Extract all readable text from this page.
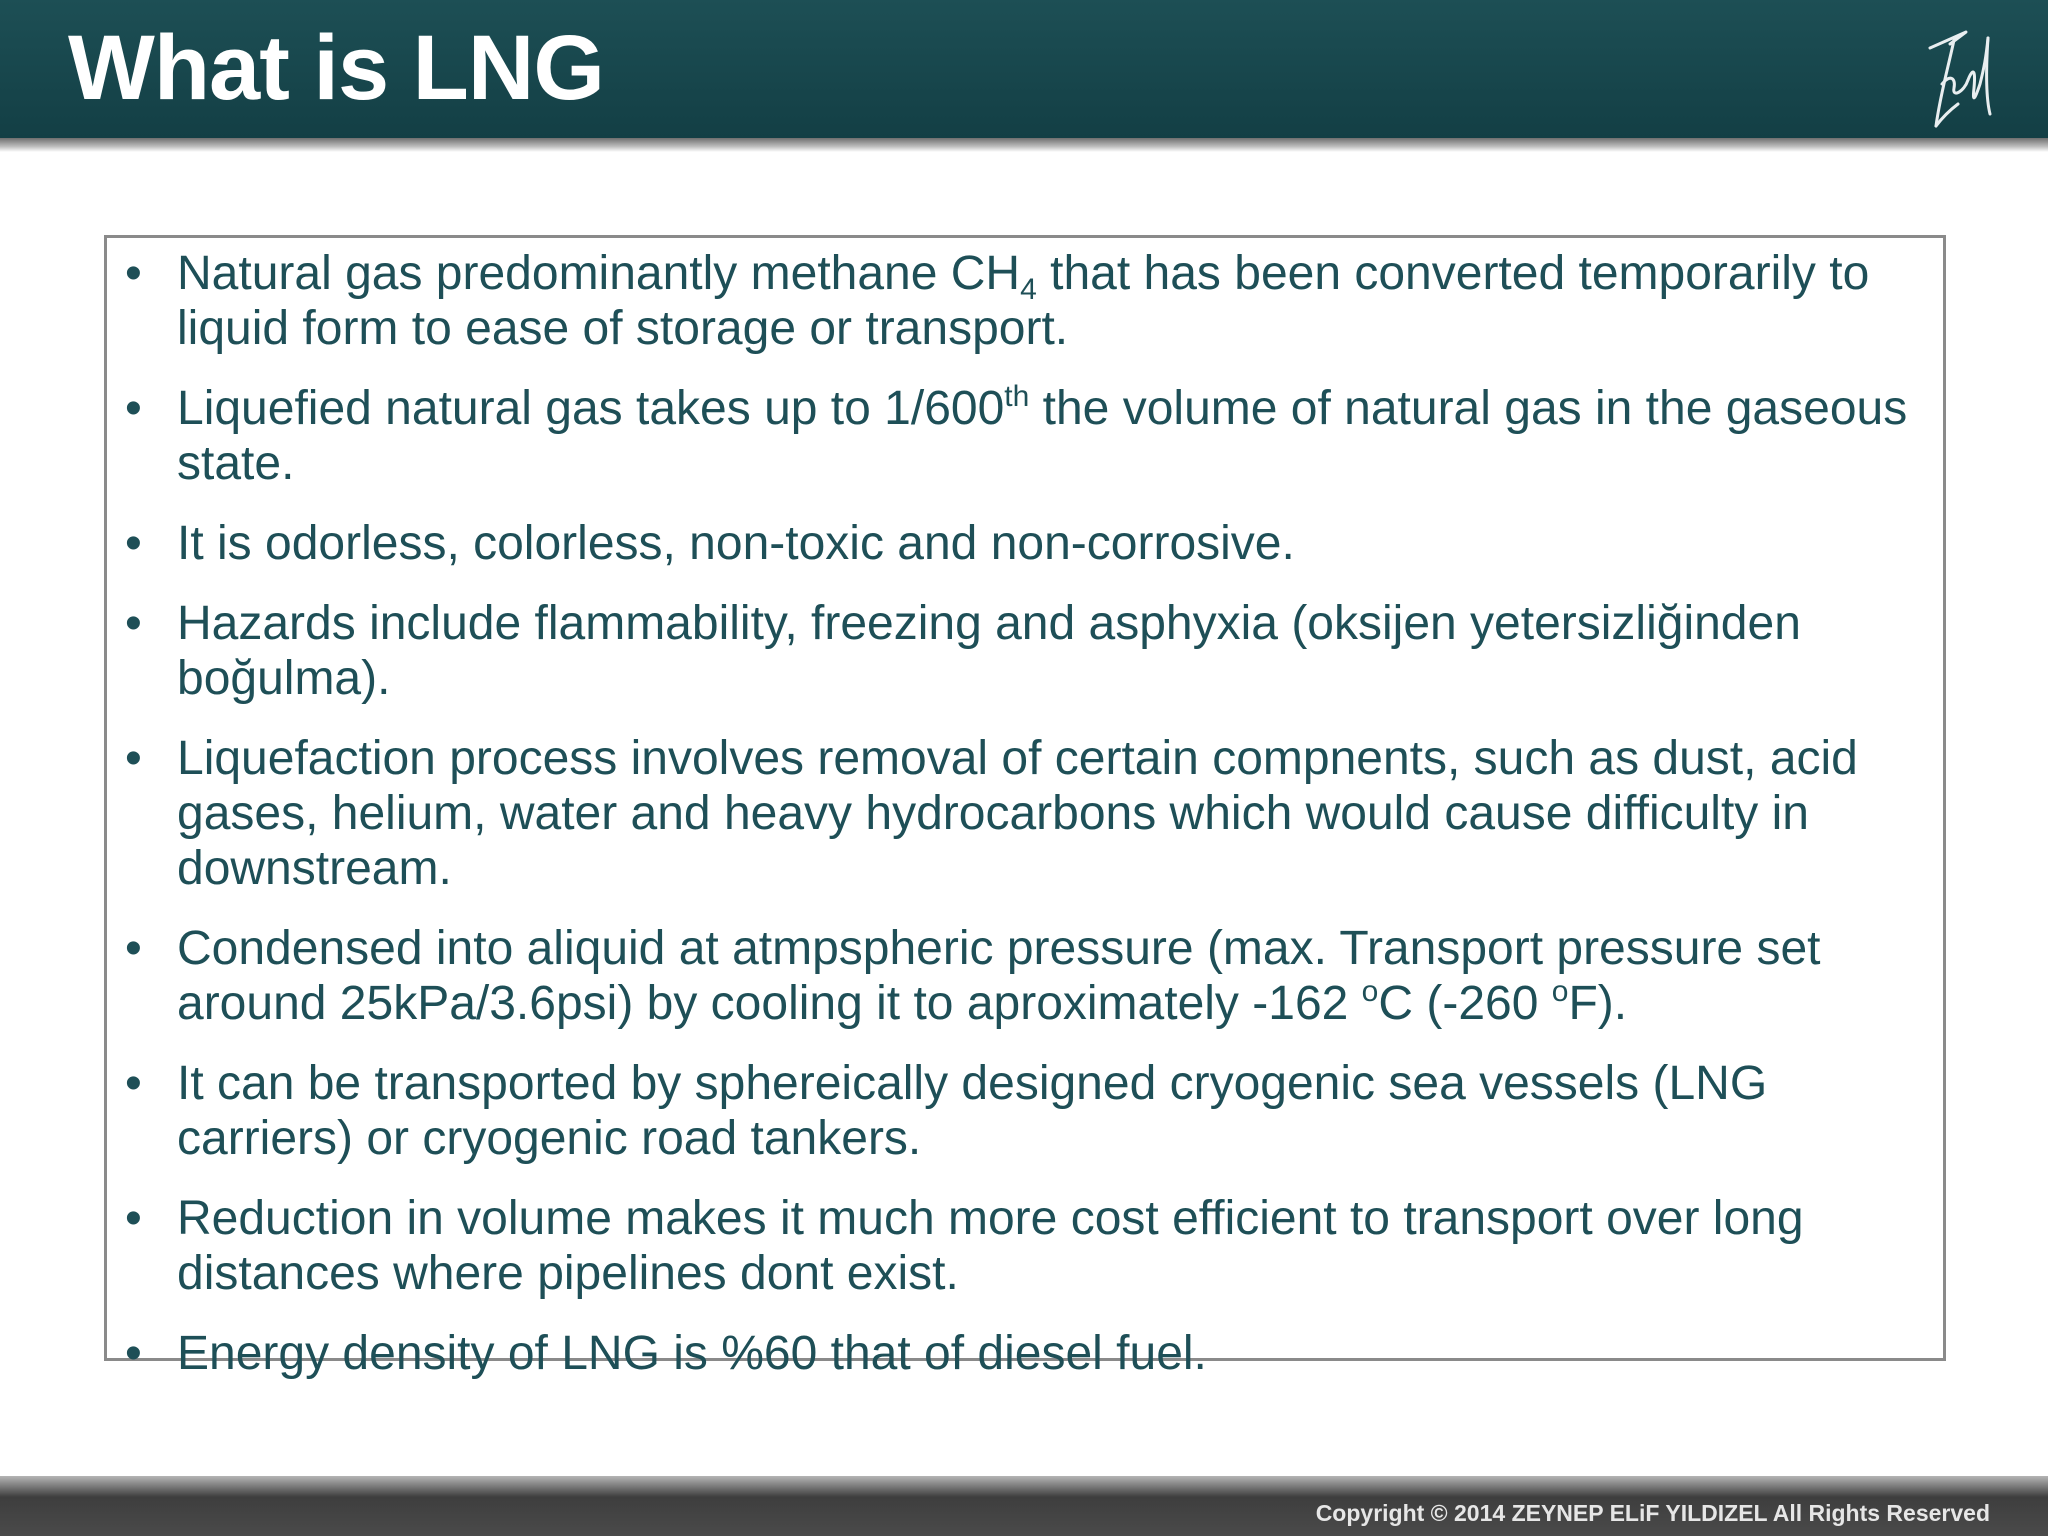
What is LNG
• Natural gas predominantly methane $CH_4$ that has been converted temporarily to liquid form to ease of storage or transport.
• Liquefied natural gas takes up to 1/600th the volume of natural gas in the gaseous state.
• It is odorless, colorless, non-toxic and non-corrosive.
• Hazards include flammability, freezing and asphyxia (oksijen yetersizliğinden boğulma).
• Liquefaction process involves removal of certain compnents, such as dust, acid gases, helium, water and heavy hydrocarbons which would cause difficulty in downstream.
• Condensed into aliquid at atmpspheric pressure (max. Transport pressure set around 25kPa/3.6psi) by cooling it to aproximately -162 $^o$C (-260 $^o$F).
• It can be transported by sphereically designed cryogenic sea vessels (LNG carriers) or cryogenic road tankers.
• Reduction in volume makes it much more cost efficient to transport over long distances where pipelines dont exist.
• Energy density of LNG is %60 that of diesel fuel.
Copyright © 2014 ZEYNEP ELiF YILDIZEL All Rights Reserved
